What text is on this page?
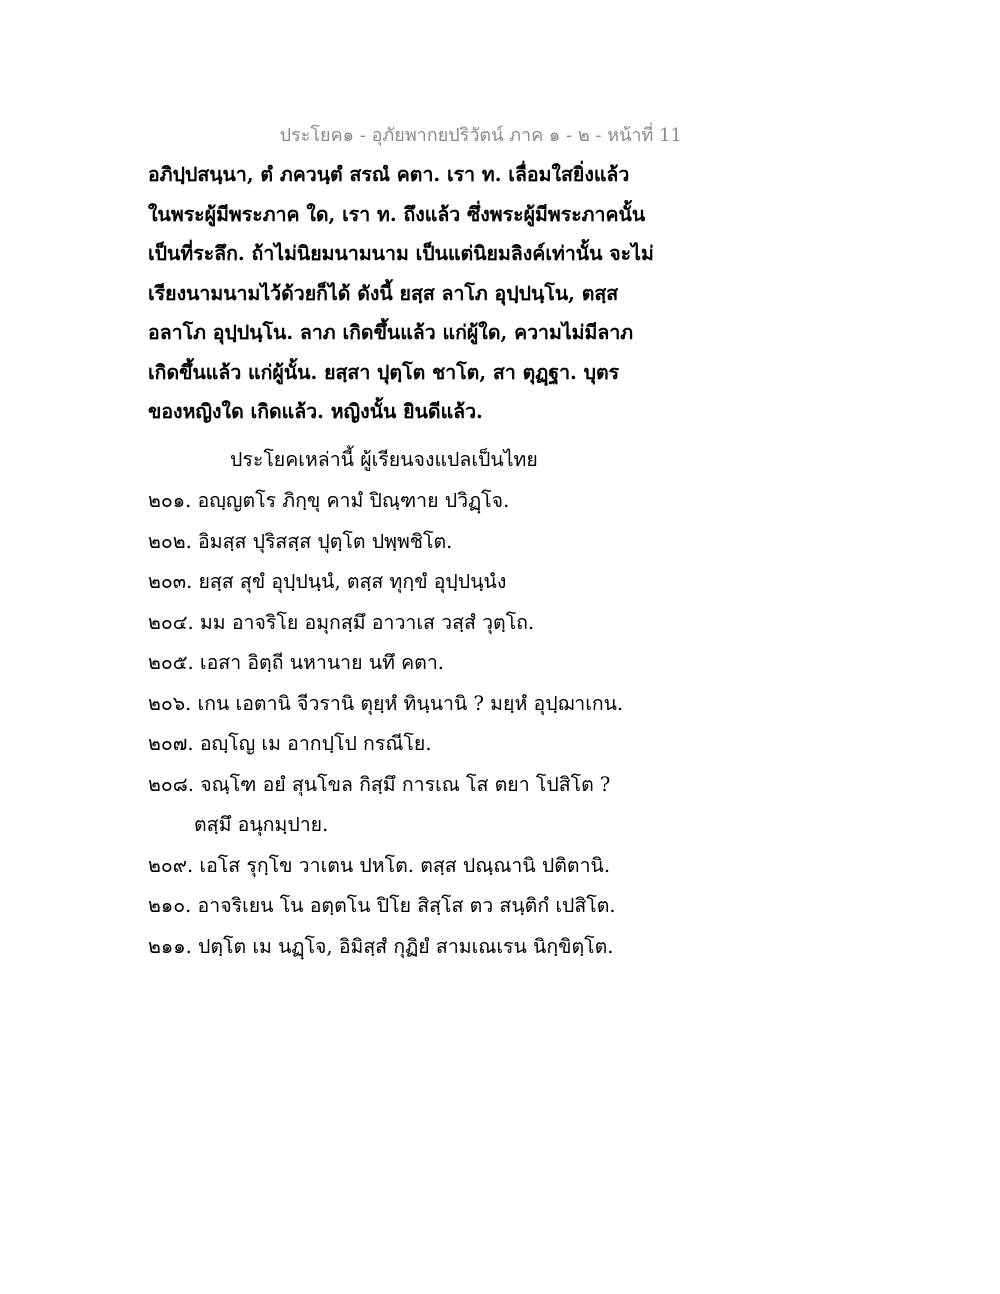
ประโยค๑ - อุภัยพากยปริวัตน์ ภาค ๑ - ๒ - หน้าที่ 11
อภิปฺปสนฺนา, ตํ ภควนฺตํ สรณํ คตา. เรา ท. เลื่อมใสยิ่งแล้ว
ในพระผู้มีพระภาค ใด, เรา ท. ถึงแล้ว ซึ่งพระผู้มีพระภาคนั้น
เป็นที่ระลึก. ถ้าไม่นิยมนามนาม เป็นแต่นิยมลิงค์เท่านั้น จะไม่
เรียงนามนามไว้ด้วยก็ได้ ดังนี้ ยสฺส ลาโภ อุปฺปนฺโน, ตสฺส
อลาโภ อุปฺปนฺโน. ลาภ เกิดขึ้นแล้ว แก่ผู้ใด, ความไม่มีลาภ
เกิดขึ้นแล้ว แก่ผู้นั้น. ยสฺสา ปุตฺโต ชาโต, สา ตุฏฺฐา. บุตร
ของหญิงใด เกิดแล้ว. หญิงนั้น ยินดีแล้ว.
ประโยคเหล่านี้ ผู้เรียนจงแปลเป็นไทย
๒๐๑. อญฺญตโร ภิกฺขุ คามํ ปิณฺฑาย ปวิฏฺโจ.
๒๐๒. อิมสฺส ปุริสสฺส ปุตฺโต ปพฺพชิโต.
๒๐๓. ยสฺส สุขํ อุปฺปนฺนํ, ตสฺส ทุกฺขํ อุปฺปนฺนํง
๒๐๔. มม อาจริโย อมุกสฺมึ อาวาเส วสฺสํ วุตฺโถ.
๒๐๕. เอสา อิตฺถี นหานาย นทึ คตา.
๒๐๖. เกน เอตานิ จีวรานิ ตุยฺหํ ทินฺนานิ ? มยฺหํ อุปฺฌาเกน.
๒๐๗. อญฺโญ เม อากปฺโป กรณีโย.
๒๐๘. จณฺโฑ อยํ สุนโขล กิสฺมึ การเณ โส ตยา โปสิโต ?
ตสฺมึ อนุกมฺปาย.
๒๐๙. เอโส รุกฺโข วาเตน ปหโต. ตสฺส ปณฺณานิ ปติตานิ.
๒๑๐. อาจริเยน โน อตฺตโน ปิโย สิสฺโส ตว สนฺติกํ เปสิโต.
๒๑๑. ปตฺโต เม นฏฺโจ, อิมิสฺสํ กุฏิยํ สามเณเรน นิกฺขิตฺโต.
